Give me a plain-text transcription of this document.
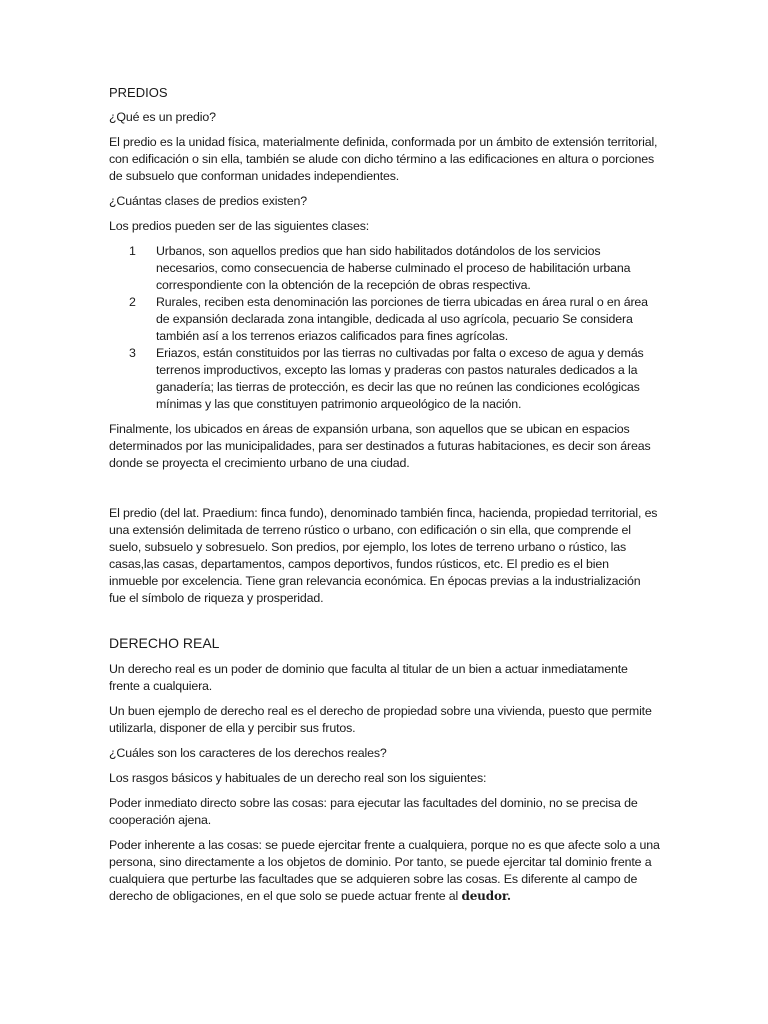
PREDIOS

¿Qué es un predio?

El predio es la unidad física, materialmente definida, conformada por un ámbito de extensión territorial, con edificación o sin ella, también se alude con dicho término a las edificaciones en altura o porciones de subsuelo que conforman unidades independientes.

¿Cuántas clases de predios existen?

Los predios pueden ser de las siguientes clases:

1	Urbanos, son aquellos predios que han sido habilitados dotándolos de los servicios necesarios, como consecuencia de haberse culminado el proceso de habilitación urbana correspondiente con la obtención de la recepción de obras respectiva.
2	Rurales, reciben esta denominación las porciones de tierra ubicadas en área rural o en área de expansión declarada zona intangible, dedicada al uso agrícola, pecuario Se considera también así a los terrenos eriazos calificados para fines agrícolas.
3	Eriazos, están constituidos por las tierras no cultivadas por falta o exceso de agua y demás terrenos improductivos, excepto las lomas y praderas con pastos naturales dedicados a la ganadería; las tierras de protección, es decir las que no reúnen las condiciones ecológicas mínimas y las que constituyen patrimonio arqueológico de la nación.

Finalmente, los ubicados en áreas de expansión urbana, son aquellos que se ubican en espacios determinados por las municipalidades, para ser destinados a futuras habitaciones, es decir son áreas donde se proyecta el crecimiento urbano de una ciudad.

El predio (del lat. Praedium: finca fundo), denominado también finca, hacienda, propiedad territorial, es una extensión delimitada de terreno rústico o urbano, con edificación o sin ella, que comprende el suelo, subsuelo y sobresuelo. Son predios, por ejemplo, los lotes de terreno urbano o rústico, las casas,las casas, departamentos, campos deportivos, fundos rústicos, etc. El predio es el bien inmueble por excelencia. Tiene gran relevancia económica. En épocas previas a la industrialización fue el símbolo de riqueza y prosperidad.

DERECHO REAL

Un derecho real es un poder de dominio que faculta al titular de un bien a actuar inmediatamente frente a cualquiera.

Un buen ejemplo de derecho real es el derecho de propiedad sobre una vivienda, puesto que permite utilizarla, disponer de ella y percibir sus frutos.

¿Cuáles son los caracteres de los derechos reales?

Los rasgos básicos y habituales de un derecho real son los siguientes:

Poder inmediato directo sobre las cosas: para ejecutar las facultades del dominio, no se precisa de cooperación ajena.

Poder inherente a las cosas: se puede ejercitar frente a cualquiera, porque no es que afecte solo a una persona, sino directamente a los objetos de dominio. Por tanto, se puede ejercitar tal dominio frente a cualquiera que perturbe las facultades que se adquieren sobre las cosas. Es diferente al campo de derecho de obligaciones, en el que solo se puede actuar frente al deudor.
